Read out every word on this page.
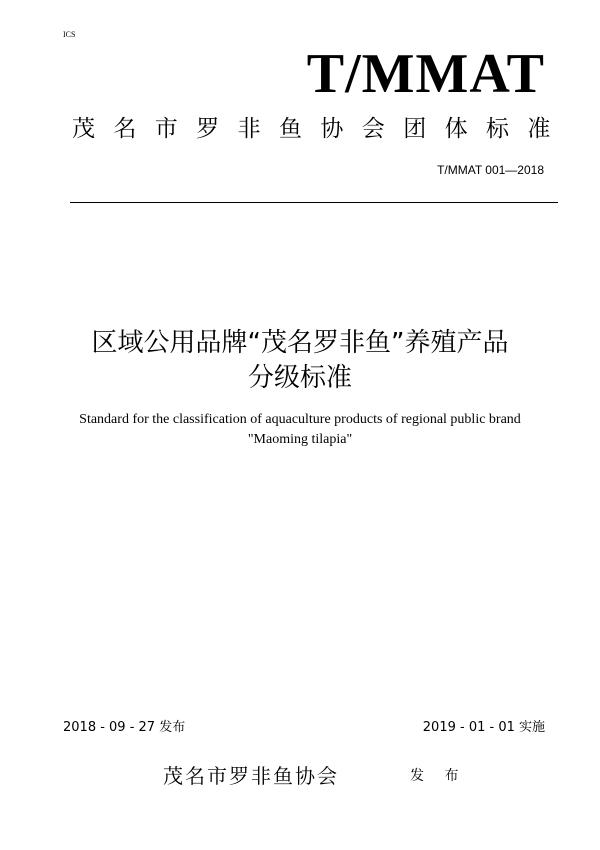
ICS
T/MMAT
茂名市罗非鱼协会团体标准
T/MMAT 001—2018
区域公用品牌“茂名罗非鱼”养殖产品
分级标准
Standard for the classification of aquaculture products of regional public brand
"Maoming tilapia"
2018 - 09 - 27 发布	2019 - 01 - 01 实施
茂名市罗非鱼协会	发 布
